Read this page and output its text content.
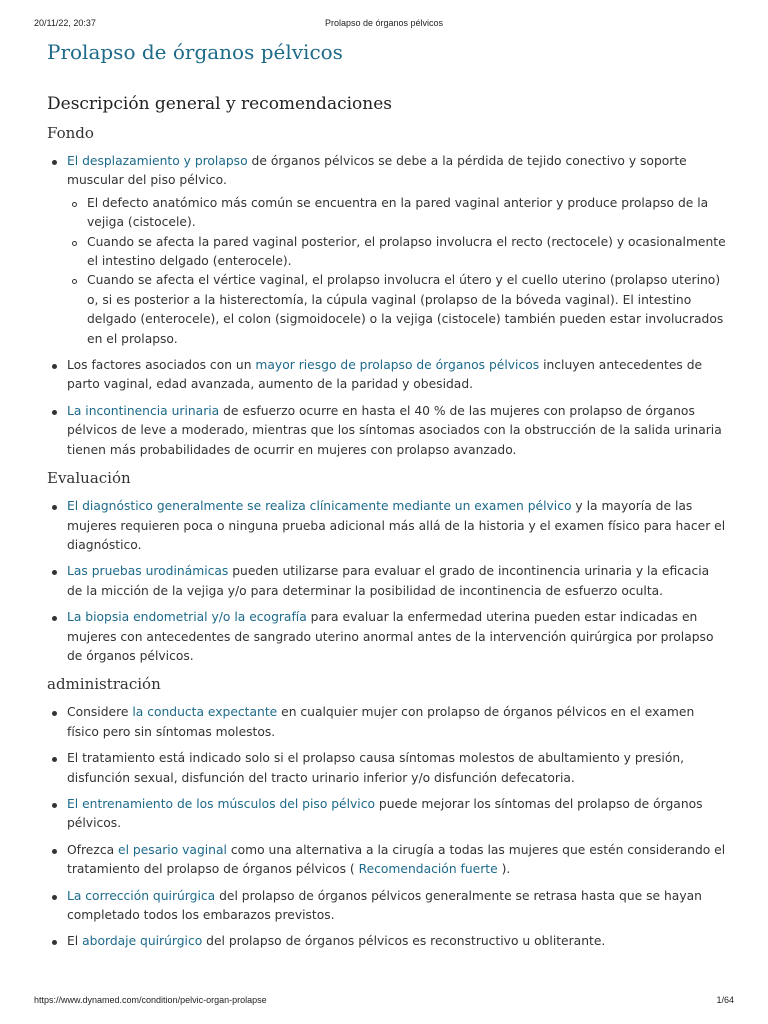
20/11/22, 20:37	Prolapso de órganos pélvicos
Prolapso de órganos pélvicos
Descripción general y recomendaciones
Fondo
El desplazamiento y prolapso de órganos pélvicos se debe a la pérdida de tejido conectivo y soporte muscular del piso pélvico.
El defecto anatómico más común se encuentra en la pared vaginal anterior y produce prolapso de la vejiga (cistocele).
Cuando se afecta la pared vaginal posterior, el prolapso involucra el recto (rectocele) y ocasionalmente el intestino delgado (enterocele).
Cuando se afecta el vértice vaginal, el prolapso involucra el útero y el cuello uterino (prolapso uterino) o, si es posterior a la histerectomía, la cúpula vaginal (prolapso de la bóveda vaginal). El intestino delgado (enterocele), el colon (sigmoidocele) o la vejiga (cistocele) también pueden estar involucrados en el prolapso.
Los factores asociados con un mayor riesgo de prolapso de órganos pélvicos incluyen antecedentes de parto vaginal, edad avanzada, aumento de la paridad y obesidad.
La incontinencia urinaria de esfuerzo ocurre en hasta el 40 % de las mujeres con prolapso de órganos pélvicos de leve a moderado, mientras que los síntomas asociados con la obstrucción de la salida urinaria tienen más probabilidades de ocurrir en mujeres con prolapso avanzado.
Evaluación
El diagnóstico generalmente se realiza clínicamente mediante un examen pélvico y la mayoría de las mujeres requieren poca o ninguna prueba adicional más allá de la historia y el examen físico para hacer el diagnóstico.
Las pruebas urodinámicas pueden utilizarse para evaluar el grado de incontinencia urinaria y la eficacia de la micción de la vejiga y/o para determinar la posibilidad de incontinencia de esfuerzo oculta.
La biopsia endometrial y/o la ecografía para evaluar la enfermedad uterina pueden estar indicadas en mujeres con antecedentes de sangrado uterino anormal antes de la intervención quirúrgica por prolapso de órganos pélvicos.
administración
Considere la conducta expectante en cualquier mujer con prolapso de órganos pélvicos en el examen físico pero sin síntomas molestos.
El tratamiento está indicado solo si el prolapso causa síntomas molestos de abultamiento y presión, disfunción sexual, disfunción del tracto urinario inferior y/o disfunción defecatoria.
El entrenamiento de los músculos del piso pélvico puede mejorar los síntomas del prolapso de órganos pélvicos.
Ofrezca el pesario vaginal como una alternativa a la cirugía a todas las mujeres que estén considerando el tratamiento del prolapso de órganos pélvicos ( Recomendación fuerte ).
La corrección quirúrgica del prolapso de órganos pélvicos generalmente se retrasa hasta que se hayan completado todos los embarazos previstos.
El abordaje quirúrgico del prolapso de órganos pélvicos es reconstructivo u obliterante.
https://www.dynamed.com/condition/pelvic-organ-prolapse	1/64
